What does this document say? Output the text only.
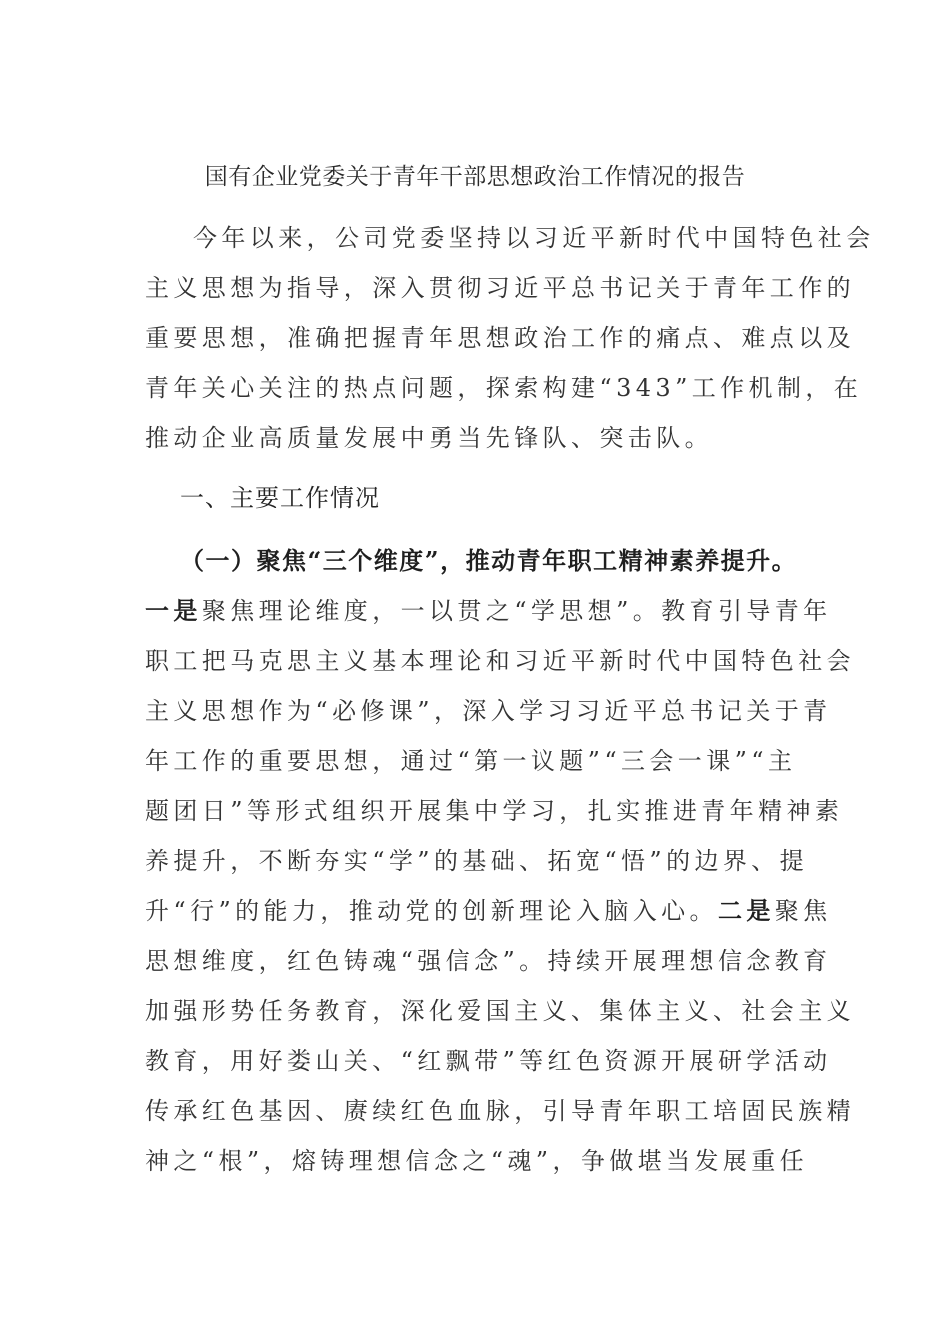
国有企业党委关于青年干部思想政治工作情况的报告
今年以来，公司党委坚持以习近平新时代中国特色社会
主义思想为指导，深入贯彻习近平总书记关于青年工作的
重要思想，准确把握青年思想政治工作的痛点、难点以及
青年关心关注的热点问题，探索构建“343”工作机制，在
推动企业高质量发展中勇当先锋队、突击队。
一、主要工作情况
（一）聚焦“三个维度”，推动青年职工精神素养提升。
一是聚焦理论维度，一以贯之“学思想”。教育引导青年
职工把马克思主义基本理论和习近平新时代中国特色社会
主义思想作为“必修课”，深入学习习近平总书记关于青
年工作的重要思想，通过“第一议题”“三会一课”“主
题团日”等形式组织开展集中学习，扎实推进青年精神素
养提升，不断夯实“学”的基础、拓宽“悟”的边界、提
升“行”的能力，推动党的创新理论入脑入心。二是聚焦
思想维度，红色铸魂“强信念”。持续开展理想信念教育
加强形势任务教育，深化爱国主义、集体主义、社会主义
教育，用好娄山关、“红飘带”等红色资源开展研学活动
传承红色基因、赓续红色血脉，引导青年职工培固民族精
神之“根”，熔铸理想信念之“魂”，争做堪当发展重任
